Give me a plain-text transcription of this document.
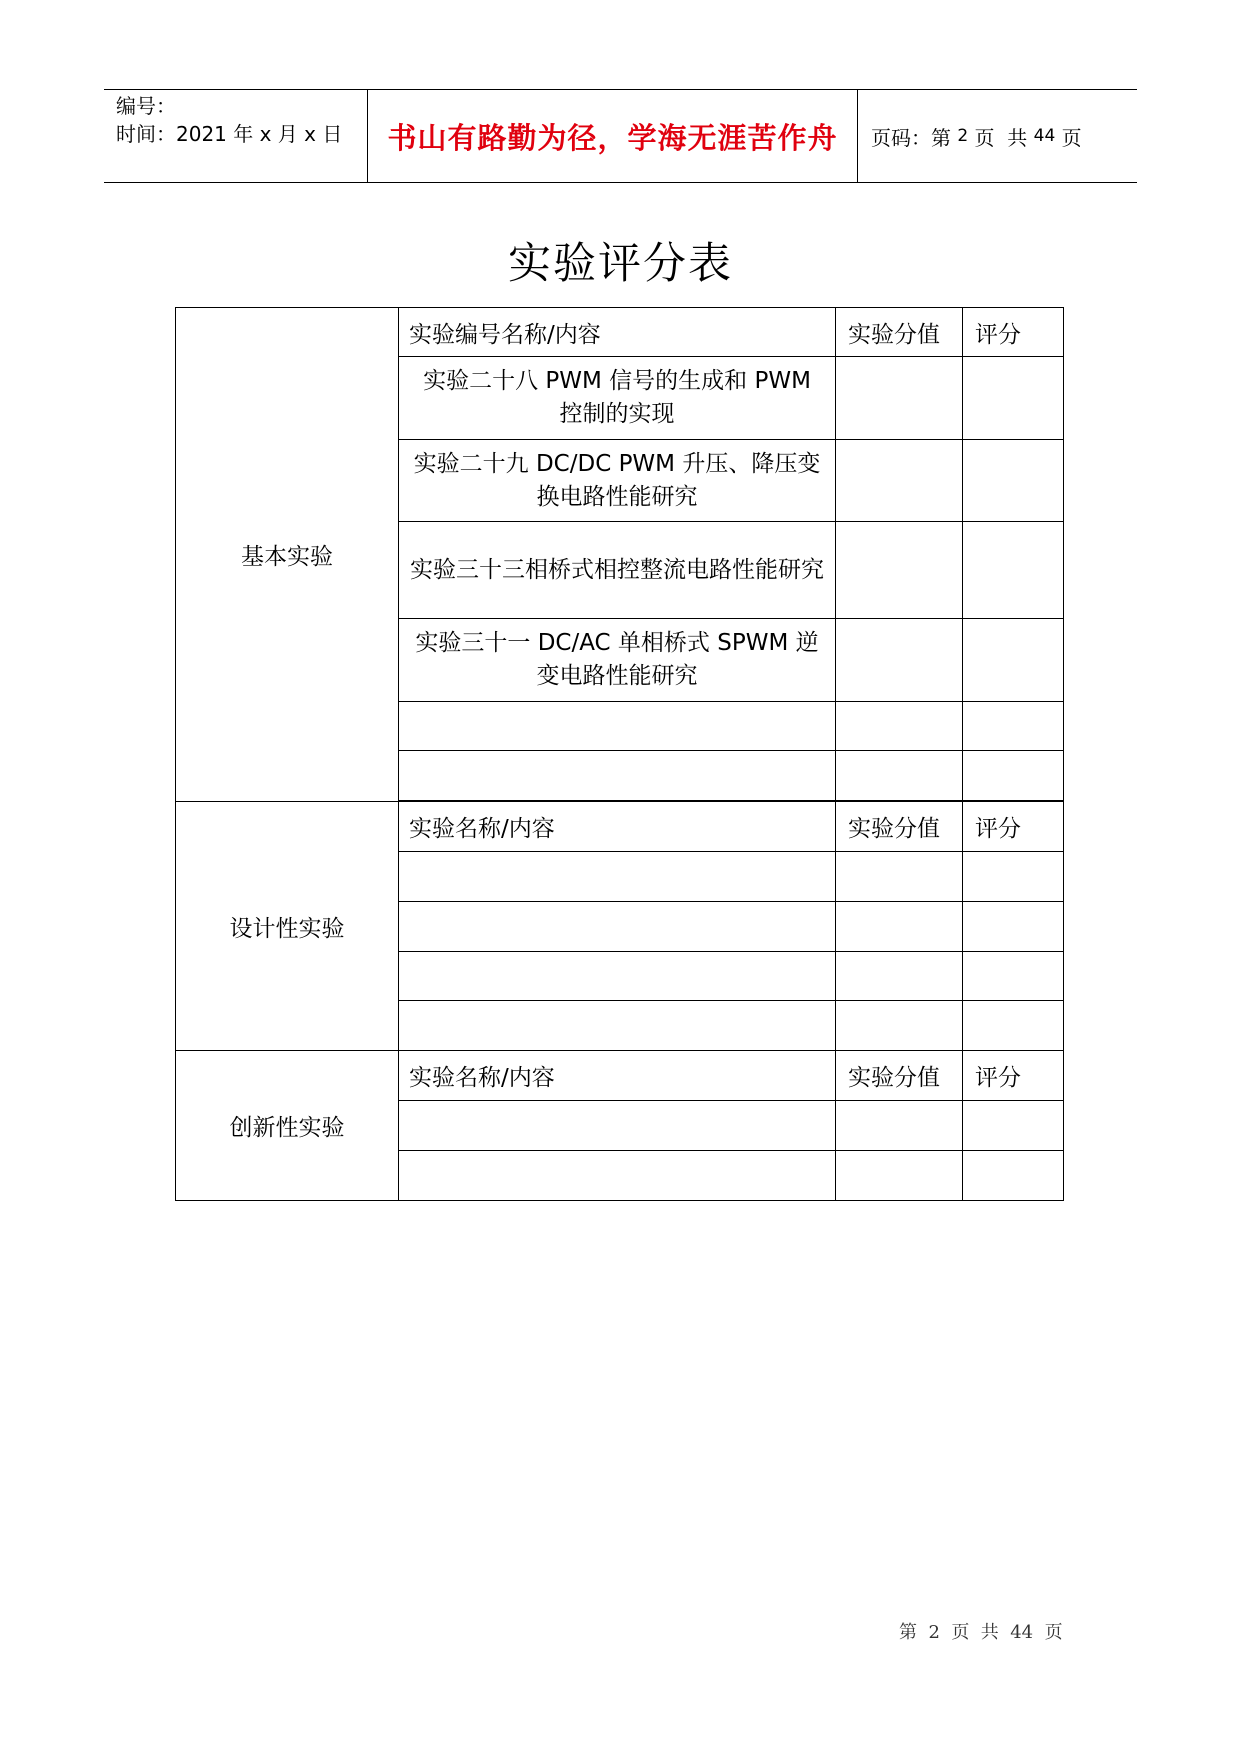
编号：
时间：2021 年 x 月 x 日	书山有路勤为径，学海无涯苦作舟	页码：第 2 页  共 44 页
实验评分表
基本实验	实验编号名称/内容	实验分值	评分
	实验二十八 PWM 信号的生成和 PWM 控制的实现		
	实验二十九 DC/DC PWM 升压、降压变换电路性能研究		
	实验三十三相桥式相控整流电路性能研究		
	实验三十一 DC/AC 单相桥式 SPWM 逆变电路性能研究		

设计性实验	实验名称/内容	实验分值	评分

创新性实验	实验名称/内容	实验分值	评分

第  2  页  共  44  页
